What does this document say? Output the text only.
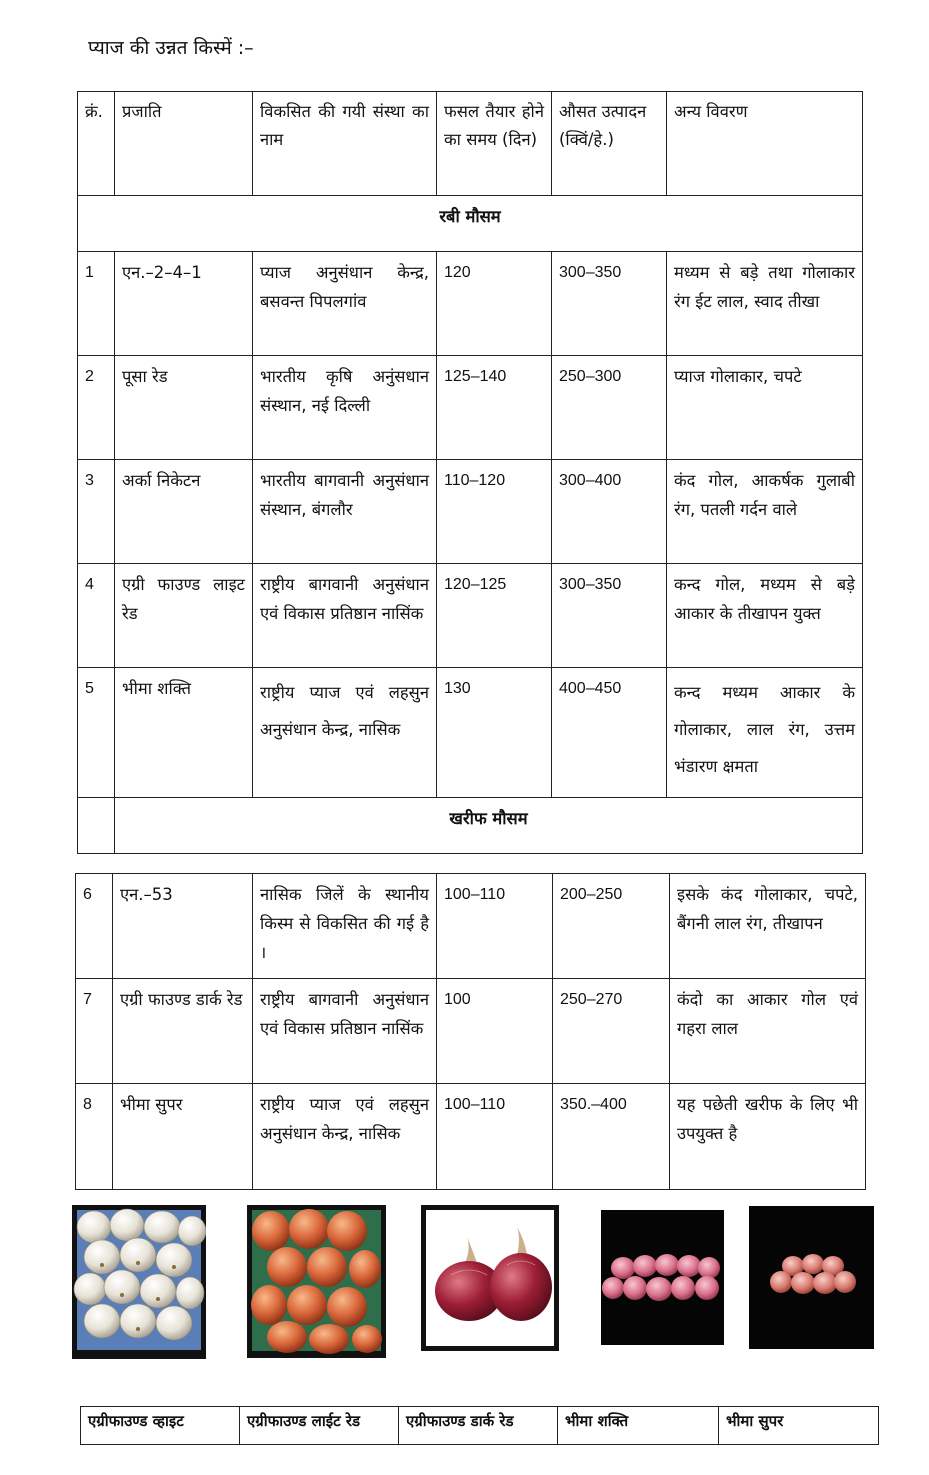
प्याज की उन्नत किस्में :–
क्रं.	प्रजाति	विकसित की गयी संस्था का नाम	फसल तैयार होने का समय (दिन)	औसत उत्पादन (क्विं/हे.)	अन्य विवरण
रबी मौसम					
1	एन.–2–4–1	प्याज अनुसंधान केन्द्र, बसवन्त पिपलगांव	120	300–350	मध्यम से बड़े तथा गोलाकार रंग ईट लाल, स्वाद तीखा
2	पूसा रेड	भारतीय कृषि अनुंसधान संस्थान, नई दिल्ली	125–140	250–300	प्याज गोलाकार, चपटे
3	अर्का निकेटन	भारतीय बागवानी अनुसंधान संस्थान, बंगलौर	110–120	300–400	कंद गोल, आकर्षक गुलाबी रंग, पतली गर्दन वाले
4	एग्री फाउण्ड लाइट रेड	राष्ट्रीय बागवानी अनुसंधान एवं विकास प्रतिष्ठान नासिंक	120–125	300–350	कन्द गोल, मध्यम से बड़े आकार के तीखापन युक्त
5	भीमा शक्ति	राष्ट्रीय प्याज एवं लहसुन अनुसंधान केन्द्र, नासिक	130	400–450	कन्द मध्यम आकार के गोलाकार, लाल रंग, उत्तम भंडारण क्षमता
	खरीफ मौसम				
6	एन.–53	नासिक जिलें के स्थानीय किस्म से विकसित की गई है ।	100–110	200–250	इसके कंद गोलाकार, चपटे, बैंगनी लाल रंग, तीखापन
7	एग्री फाउण्ड डार्क रेड	राष्ट्रीय बागवानी अनुसंधान एवं विकास प्रतिष्ठान नासिंक	100	250–270	कंदो का आकार गोल एवं गहरा लाल
8	भीमा सुपर	राष्ट्रीय प्याज एवं लहसुन अनुसंधान केन्द्र, नासिक	100–110	350.–400	यह पछेती खरीफ के लिए भी उपयुक्त है
एग्रीफाउण्ड व्हाइट	एग्रीफाउण्ड लाईट रेड	एग्रीफाउण्ड डार्क रेड	भीमा शक्ति	भीमा सुपर
